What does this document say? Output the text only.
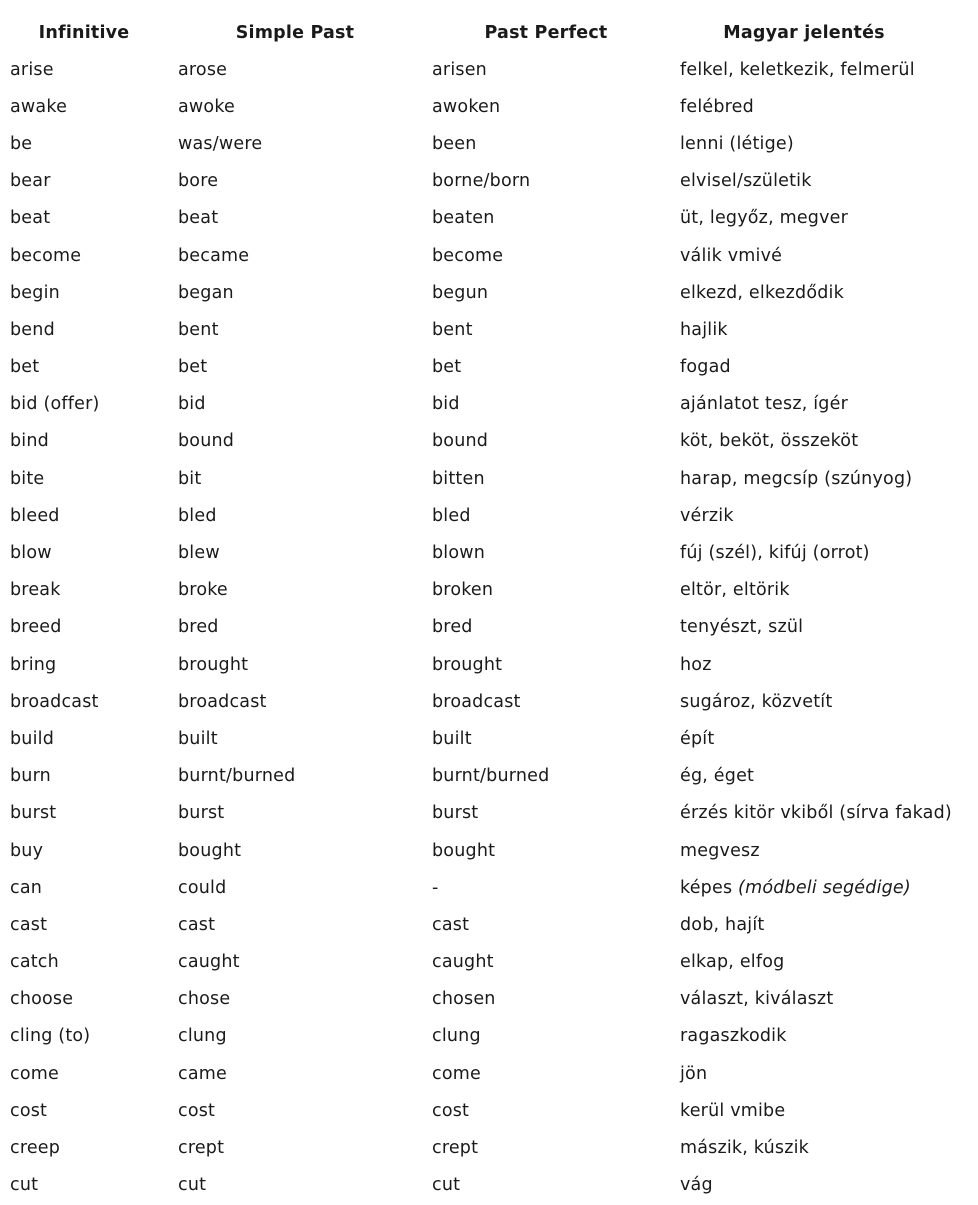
Infinitive	Simple Past	Past Perfect	Magyar jelentés
arise	arose	arisen	felkel, keletkezik, felmerül
awake	awoke	awoken	felébred
be	was/were	been	lenni (létige)
bear	bore	borne/born	elvisel/születik
beat	beat	beaten	üt, legyőz, megver
become	became	become	válik vmivé
begin	began	begun	elkezd, elkezdődik
bend	bent	bent	hajlik
bet	bet	bet	fogad
bid (offer)	bid	bid	ajánlatot tesz, ígér
bind	bound	bound	köt, beköt, összeköt
bite	bit	bitten	harap, megcsíp (szúnyog)
bleed	bled	bled	vérzik
blow	blew	blown	fúj (szél), kifúj (orrot)
break	broke	broken	eltör, eltörik
breed	bred	bred	tenyészt, szül
bring	brought	brought	hoz
broadcast	broadcast	broadcast	sugároz, közvetít
build	built	built	épít
burn	burnt/burned	burnt/burned	ég, éget
burst	burst	burst	érzés kitör vkiből (sírva fakad)
buy	bought	bought	megvesz
can	could	-	képes (módbeli segédige)
cast	cast	cast	dob, hajít
catch	caught	caught	elkap, elfog
choose	chose	chosen	választ, kiválaszt
cling (to)	clung	clung	ragaszkodik
come	came	come	jön
cost	cost	cost	kerül vmibe
creep	crept	crept	mászik, kúszik
cut	cut	cut	vág
